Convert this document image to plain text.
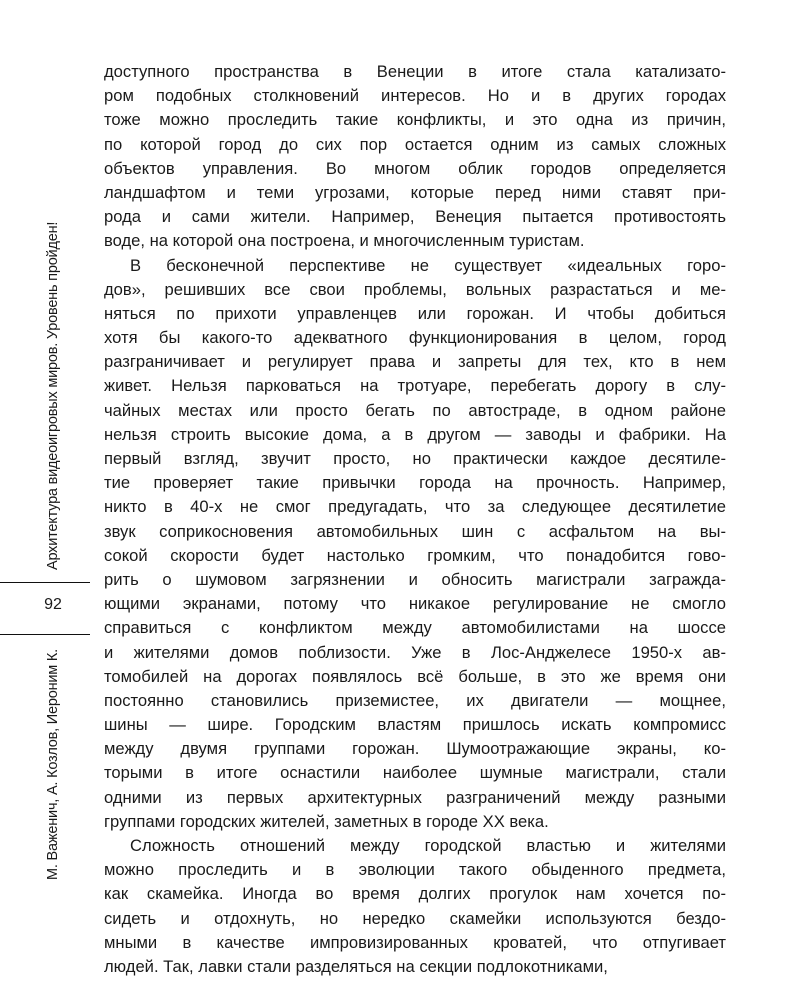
Архитектура видеоигровых миров. Уровень пройден!
92
М. Важенич, А. Козлов, Иероним К.
доступного пространства в Венеции в итоге стала катализато-
ром подобных столкновений интересов. Но и в других городах
тоже можно проследить такие конфликты, и это одна из причин,
по которой город до сих пор остается одним из самых сложных
объектов управления. Во многом облик городов определяется
ландшафтом и теми угрозами, которые перед ними ставят при-
рода и сами жители. Например, Венеция пытается противостоять
воде, на которой она построена, и многочисленным туристам.
В бесконечной перспективе не существует «идеальных горо-
дов», решивших все свои проблемы, вольных разрастаться и ме-
няться по прихоти управленцев или горожан. И чтобы добиться
хотя бы какого-то адекватного функционирования в целом, город
разграничивает и регулирует права и запреты для тех, кто в нем
живет. Нельзя парковаться на тротуаре, перебегать дорогу в слу-
чайных местах или просто бегать по автостраде, в одном районе
нельзя строить высокие дома, а в другом — заводы и фабрики. На
первый взгляд, звучит просто, но практически каждое десятиле-
тие проверяет такие привычки города на прочность. Например,
никто в 40-х не смог предугадать, что за следующее десятилетие
звук соприкосновения автомобильных шин с асфальтом на вы-
сокой скорости будет настолько громким, что понадобится гово-
рить о шумовом загрязнении и обносить магистрали загражда-
ющими экранами, потому что никакое регулирование не смогло
справиться с конфликтом между автомобилистами на шоссе
и жителями домов поблизости. Уже в Лос-Анджелесе 1950-х ав-
томобилей на дорогах появлялось всё больше, в это же время они
постоянно становились приземистее, их двигатели — мощнее,
шины — шире. Городским властям пришлось искать компромисс
между двумя группами горожан. Шумоотражающие экраны, ко-
торыми в итоге оснастили наиболее шумные магистрали, стали
одними из первых архитектурных разграничений между разными
группами городских жителей, заметных в городе XX века.
Сложность отношений между городской властью и жителями
можно проследить и в эволюции такого обыденного предмета,
как скамейка. Иногда во время долгих прогулок нам хочется по-
сидеть и отдохнуть, но нередко скамейки используются бездо-
мными в качестве импровизированных кроватей, что отпугивает
людей. Так, лавки стали разделяться на секции подлокотниками,
